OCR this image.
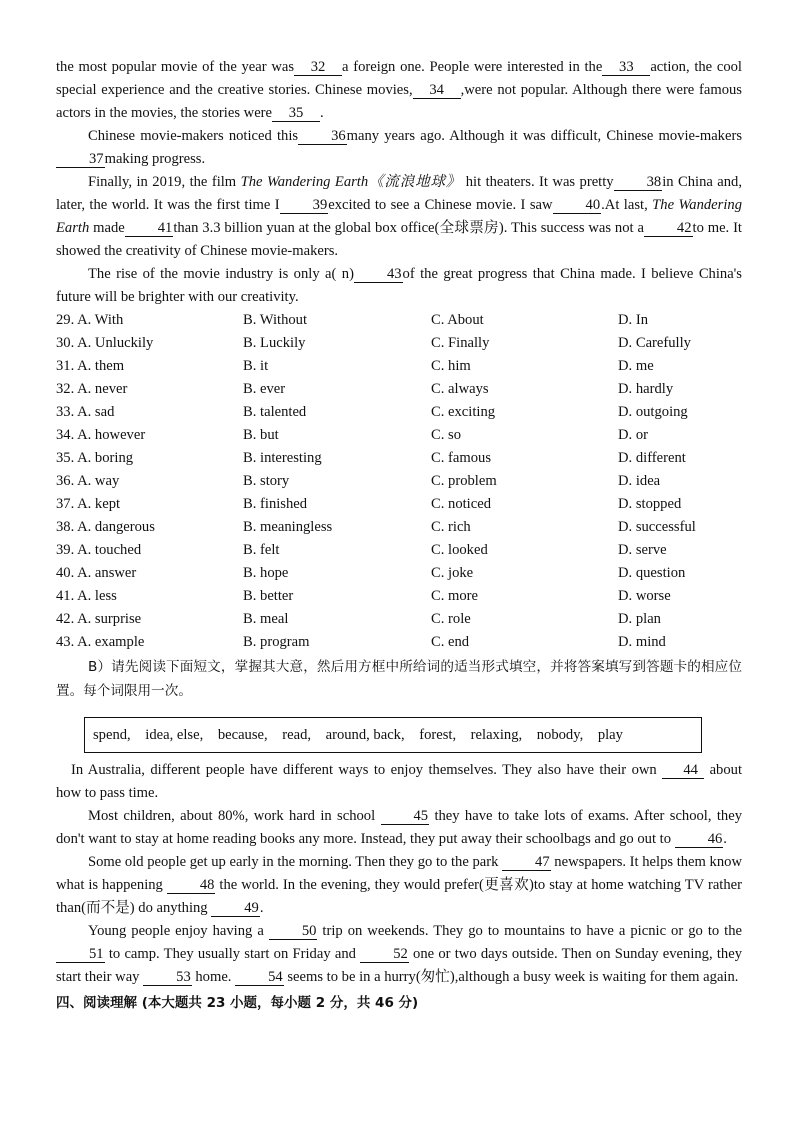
the most popular movie of the year was 32 a foreign one. People were interested in the 33 action, the cool special experience and the creative stories. Chinese movies, 34 ,were not popular. Although there were famous actors in the movies, the stories were 35 .

Chinese movie-makers noticed this 36many years ago. Although it was difficult, Chinese movie-makers37making progress.

Finally, in 2019, the film The Wandering Earth《流浪地球》 hit theaters. It was pretty 38in China and, later, the world. It was the first time I 39excited to see a Chinese movie. I saw 40.At last, The Wandering Earth made 41than 3.3 billion yuan at the global box office(全球票房). This success was not a 42to me. It showed the creativity of Chinese movie-makers.

The rise of the movie industry is only a( n) 43of the great progress that China made. I believe China's future will be brighter with our creativity.

29. A. With	B. Without	C. About	D. In
30. A. Unluckily	B. Luckily	C. Finally	D. Carefully
31. A. them	B. it	C. him	D. me
32. A. never	B. ever	C. always	D. hardly
33. A. sad	B. talented	C. exciting	D. outgoing
34. A. however	B. but	C. so	D. or
35. A. boring	B. interesting	C. famous	D. different
36. A. way	B. story	C. problem	D. idea
37. A. kept	B. finished	C. noticed	D. stopped
38. A. dangerous	B. meaningless	C. rich	D. successful
39. A. touched	B. felt	C. looked	D. serve
40. A. answer	B. hope	C. joke	D. question
41. A. less	B. better	C. more	D. worse
42. A. surprise	B. meal	C. role	D. plan
43. A. example	B. program	C. end	D. mind

B）请先阅读下面短文，掌握其大意，然后用方框中所给词的适当形式填空，并将答案填写到答题卡的相应位置。每个词限用一次。

spend,    idea, else,    because,    read,    around, back,    forest,    relaxing,    nobody,    play

In Australia, different people have different ways to enjoy themselves. They also have their own 44 about how to pass time.

Most children, about 80%, work hard in school 45 they have to take lots of exams. After school, they don't want to stay at home reading books any more. Instead, they put away their schoolbags and go out to 46.

Some old people get up early in the morning. Then they go to the park 47 newspapers. It helps them know what is happening 48 the world. In the evening, they would prefer(更喜欢)to stay at home watching TV rather than(而不是) do anything 49.

Young people enjoy having a 50 trip on weekends. They go to mountains to have a picnic or go to the 51 to camp. They usually start on Friday and 52 one or two days outside. Then on Sunday evening, they start their way 53 home. 54 seems to be in a hurry(匆忙),although a busy week is waiting for them again.

四、阅读理解 (本大题共 23 小题，每小题 2 分，共 46 分)
